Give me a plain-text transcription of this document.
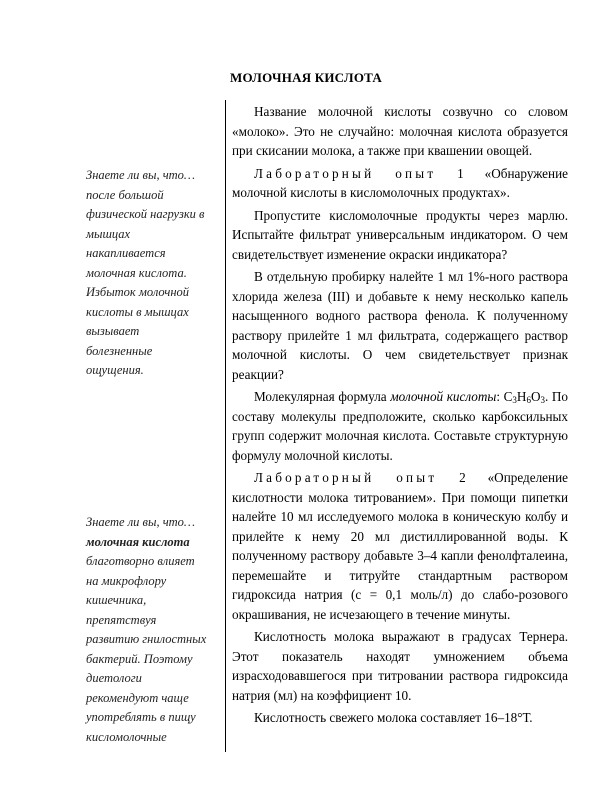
МОЛОЧНАЯ КИСЛОТА

Знаете ли вы, что…

после большой

физической нагрузки в

мышцах

накапливается

молочная кислота.

Избыток молочной

кислоты в мышцах

вызывает

болезненные

ощущения.

Знаете ли вы, что…

молочная кислота

благотворно влияет

на микрофлору

кишечника,

препятствуя

развитию гнилостных

бактерий. Поэтому

диетологи

рекомендуют чаще

употреблять в пищу

кисломолочные

Название молочной кислоты созвучно со словом «молоко». Это не случайно: молочная кислота образуется при скисании молока, а также при квашении овощей.

Лабораторный опыт 1 «Обнаружение молочной кислоты в кисломолочных продуктах».

Пропустите кисломолочные продукты через марлю. Испытайте фильтрат универсальным индикатором. О чем свидетельствует изменение окраски индикатора?

В отдельную пробирку налейте 1 мл 1%-ного раствора хлорида железа (III) и добавьте к нему несколько капель насыщенного водного раствора фенола. К полученному раствору прилейте 1 мл фильтрата, содержащего раствор молочной кислоты. О чем свидетельствует признак реакции?

Молекулярная формула молочной кислоты: $C_3H_6O_3$. По составу молекулы предположите, сколько карбоксильных групп содержит молочная кислота. Составьте структурную формулу молочной кислоты.

Лабораторный опыт 2 «Определение кислотности молока титрованием». При помощи пипетки налейте 10 мл исследуемого молока в коническую колбу и прилейте к нему 20 мл дистиллированной воды. К полученному раствору добавьте 3–4 капли фенолфталеина, перемешайте и титруйте стандартным раствором гидроксида натрия (c = 0,1 моль/л) до слабо-розового окрашивания, не исчезающего в течение минуты.

Кислотность молока выражают в градусах Тернера. Этот показатель находят умножением объема израсходовавшегося при титровании раствора гидроксида натрия (мл) на коэффициент 10.

Кислотность свежего молока составляет 16–18°Т.
